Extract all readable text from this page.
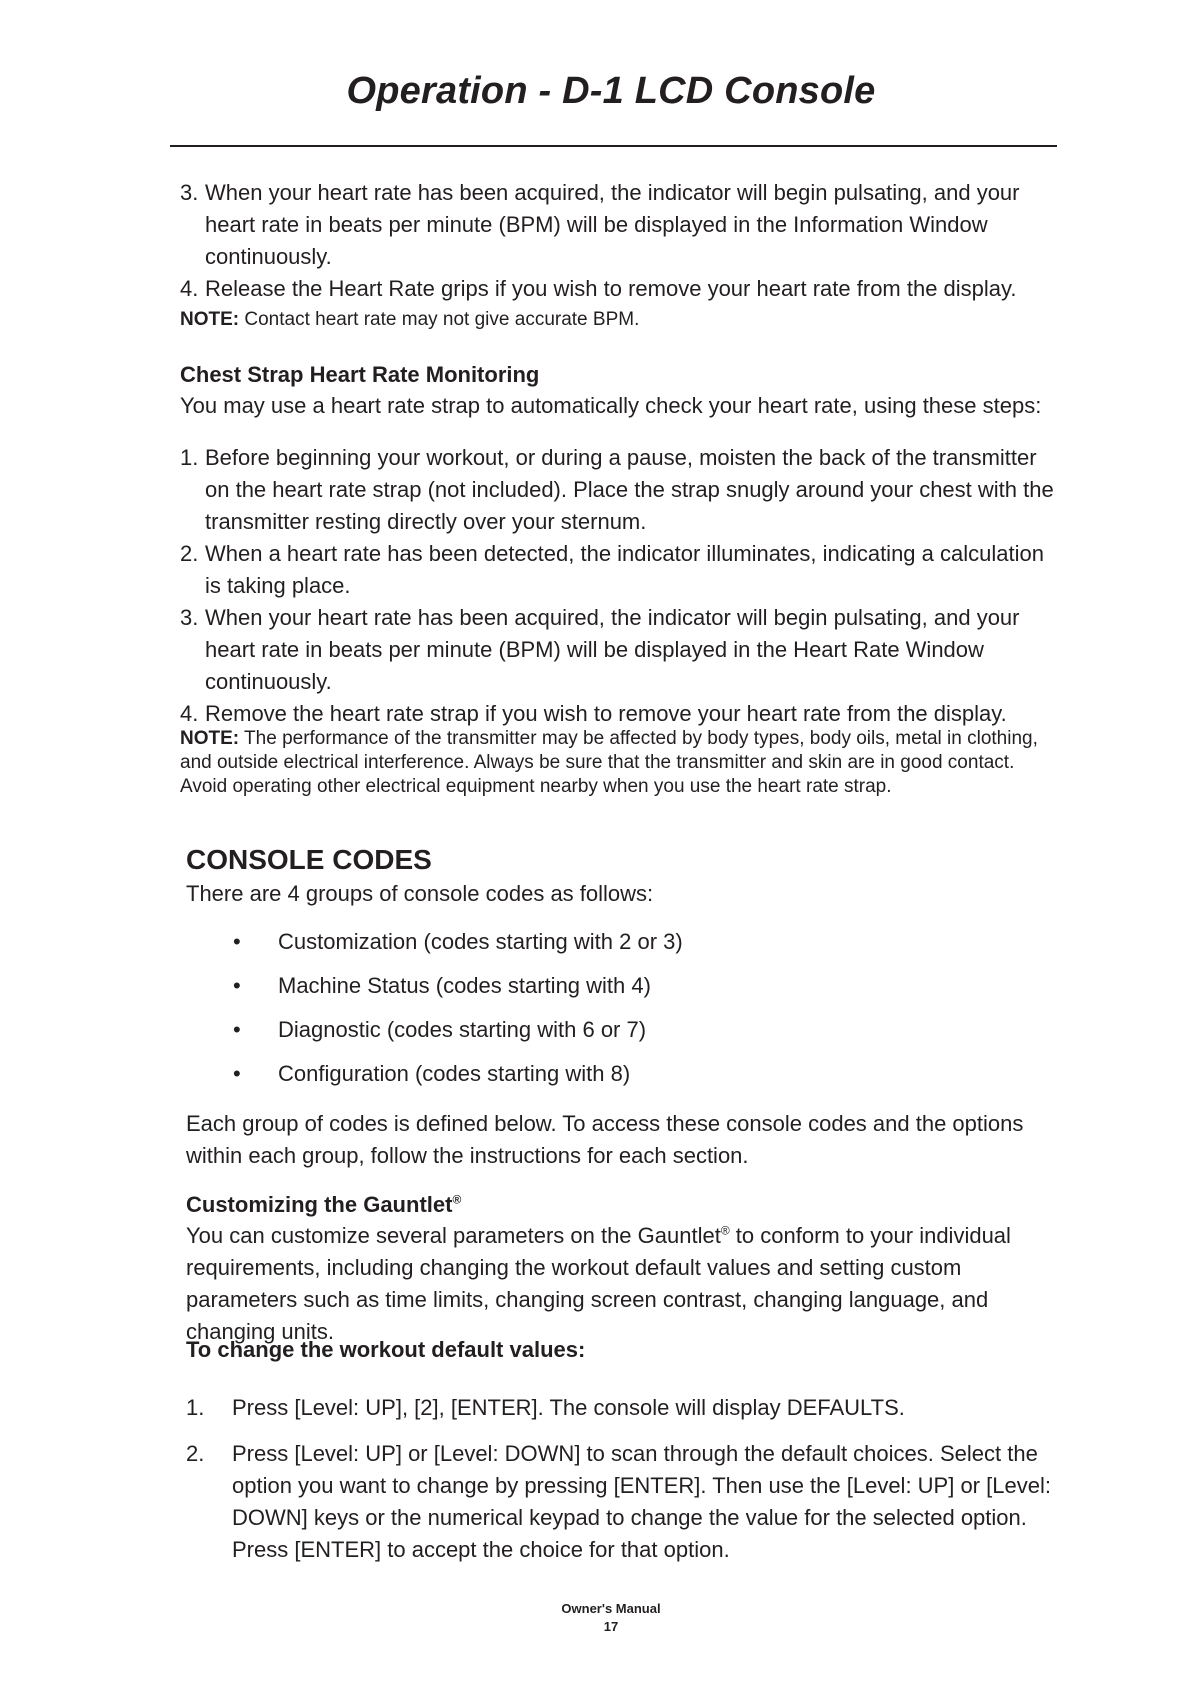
Operation - D-1 LCD Console
3. When your heart rate has been acquired, the indicator will begin pulsating, and your heart rate in beats per minute (BPM) will be displayed in the Information Window continuously.
4. Release the Heart Rate grips if you wish to remove your heart rate from the display.
NOTE: Contact heart rate may not give accurate BPM.
Chest Strap Heart Rate Monitoring
You may use a heart rate strap to automatically check your heart rate, using these steps:
1. Before beginning your workout, or during a pause, moisten the back of the transmitter on the heart rate strap (not included). Place the strap snugly around your chest with the transmitter resting directly over your sternum.
2. When a heart rate has been detected, the indicator illuminates, indicating a calculation is taking place.
3. When your heart rate has been acquired, the indicator will begin pulsating, and your heart rate in beats per minute (BPM) will be displayed in the Heart Rate Window continuously.
4. Remove the heart rate strap if you wish to remove your heart rate from the display.
NOTE: The performance of the transmitter may be affected by body types, body oils, metal in clothing, and outside electrical interference. Always be sure that the transmitter and skin are in good contact. Avoid operating other electrical equipment nearby when you use the heart rate strap.
CONSOLE CODES
There are 4 groups of console codes as follows:
• Customization (codes starting with 2 or 3)
• Machine Status (codes starting with 4)
• Diagnostic (codes starting with 6 or 7)
• Configuration (codes starting with 8)
Each group of codes is defined below. To access these console codes and the options within each group, follow the instructions for each section.
Customizing the Gauntlet®
You can customize several parameters on the Gauntlet® to conform to your individual requirements, including changing the workout default values and setting custom parameters such as time limits, changing screen contrast, changing language, and changing units.
To change the workout default values:
1. Press [Level: UP], [2], [ENTER]. The console will display DEFAULTS.
2. Press [Level: UP] or [Level: DOWN] to scan through the default choices. Select the option you want to change by pressing [ENTER]. Then use the [Level: UP] or [Level: DOWN] keys or the numerical keypad to change the value for the selected option. Press [ENTER] to accept the choice for that option.
Owner's Manual
17
